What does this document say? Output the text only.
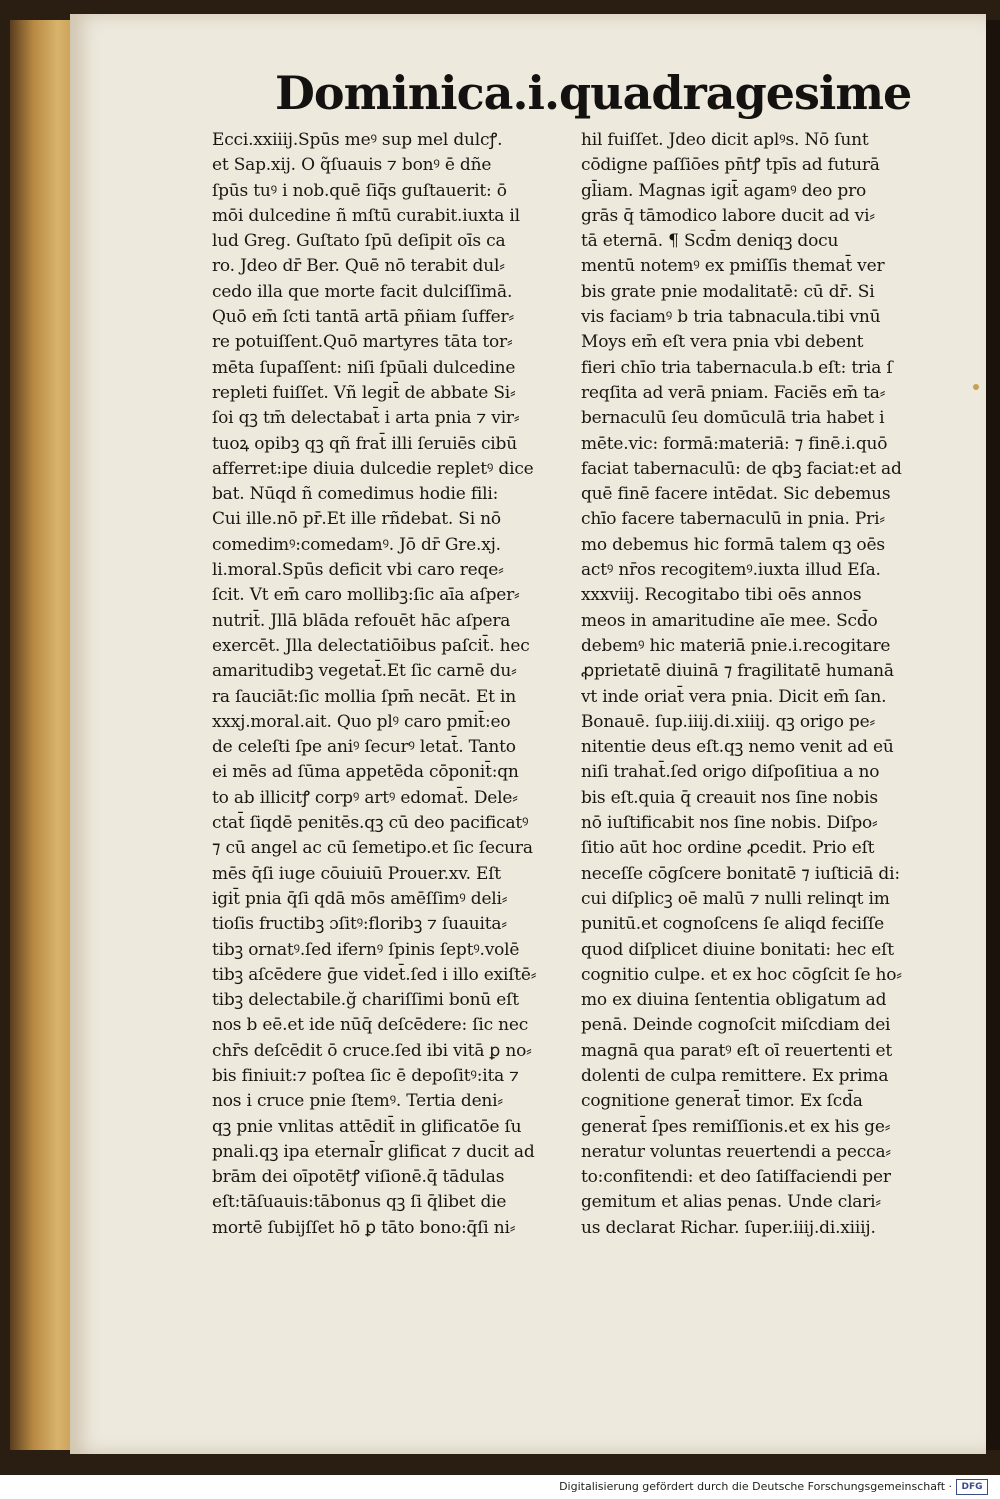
Dominica.i.quadragesime
Ecci.xxiiij.Spūs meꝰ sup mel dulcꝭ.
et Sap.xij. O q̃ſuauis ⁊ bonꝰ ē dñe
ſpūs tuꝰ i nob.quē ſiq̄s guſtauerit: ō
mōi dulcedine ñ mſtū curabit.iuxta il
lud Greg. Guſtato ſpū deſipit oīs ca
ro. Jdeo dr̄ Ber. Quē nō terabit dul⸗
cedo illa que morte facit dulciſſimā.
Quō em̄ ſcti tantā artā pñiam ſuffer⸗
re potuiſſent.Quō martyres tāta tor⸗
mēta ſupaſſent: niſi ſpūali dulcedine
repleti fuiſſet. Vñ legit̄ de abbate Si⸗
ſoi qꝫ tm̄ delectabat̄ i arta pnia ⁊ vir⸗
tuoꝝ opibꝫ qꝫ qñ frat̄ illi ſeruiēs cibū
afferret:ipe diuia dulcedie repletꝰ dice
bat. Nūqd ñ comedimus hodie fili:
Cui ille.nō pr̄.Et ille rñdebat. Si nō
comedimꝰ:comedamꝰ. Jō dr̄ Gre.xj.
li.moral.Spūs deficit vbi caro reqe⸗
ſcit. Vt em̄ caro mollibꝫ:ſic aīa aſper⸗
nutrit̄. Jllā blāda refouēt hāc aſpera
exercēt. Jlla delectatiōibus paſcit̄. hec
amaritudibꝫ vegetat̄.Et ſic carnē du⸗
ra ſauciāt:ſic mollia ſpm̄ necāt. Et in
xxxj.moral.ait. Quo plꝰ caro pmit̄:eo
de celeſti ſpe aniꝰ ſecurꝰ letat̄. Tanto
ei mēs ad ſūma appetēda cōponit̄:qn
to ab illicitꝭ corpꝰ artꝰ edomat̄. Dele⸗
ctat̄ ſiqdē penitēs.qꝫ cū deo pacificatꝰ
⁊ cū angel ac cū ſemetipo.et ſic ſecura
mēs q̄ſi iuge cōuiuiū Prouer.xv. Eſt
igit̄ pnia q̄ſi qdā mōs amēſſimꝰ deli⸗
tioſis fructibꝫ ɔſitꝰ:floribꝫ ⁊ ſuauita⸗
tibꝫ ornatꝰ.ſed ifernꝰ ſpinis ſeptꝰ.volē
tibꝫ aſcēdere ḡue videt̄.ſed i illo exiſtē⸗
tibꝫ delectabile.ğ chariſſimi bonū eſt
nos b eē.et ide nūq̄ deſcēdere: ſic nec
chr̄s deſcēdit ō cruce.ſed ibi vitā ꝑ no⸗
bis finiuit:⁊ poſtea ſic ē depoſitꝰ:ita ⁊
nos i cruce pnie ſtemꝰ. Tertia deni⸗
qꝫ pnie vnlitas attēdit̄ in glificatōe ſu
pnali.qꝫ ipa eternal̄r glificat ⁊ ducit ad
brām dei oīpotētꝭ viſionē.q̄ tādulas
eſt:tāſuauis:tābonus qꝫ ſi q̄libet die
mortē ſubijſſet hō ꝑ tāto bono:q̄ſi ni⸗
hil fuiſſet. Jdeo dicit aplꝰs. Nō ſunt
cōdigne paſſiōes pn̄tꝭ tpīs ad futurā
gl̄iam. Magnas igit̄ agamꝰ deo pro
grās q̄ tāmodico labore ducit ad vi⸗
tā eternā. ¶ Scd̄m deniqꝫ docu
mentū notemꝰ ex pmiſſis themat̄ ver
bis grate pnie modalitatē: cū dr̄. Si
vis faciamꝰ b tria tabnacula.tibi vnū
Moys em̄ eſt vera pnia vbi debent
fieri chīo tria tabernacula.b eſt: tria ſ
reqſita ad verā pniam. Faciēs em̄ ta⸗
bernaculū ſeu domūculā tria habet i
mēte.vic: formā:materiā: ⁊ finē.i.quō
faciat tabernaculū: de qbꝫ faciat:et ad
quē finē facere intēdat. Sic debemus
chīo facere tabernaculū in pnia. Pri⸗
mo debemus hic formā talem qꝫ oēs
actꝰ nr̄os recogitemꝰ.iuxta illud Eſa.
xxxviij. Recogitabo tibi oēs annos
meos in amaritudine aīe mee. Scd̄o
debemꝰ hic materiā pnie.i.recogitare
ꝓprietatē diuinā ⁊ fragilitatē humanā
vt inde oriat̄ vera pnia. Dicit em̄ ſan.
Bonauē. ſup.iiij.di.xiiij. qꝫ origo pe⸗
nitentie deus eſt.qꝫ nemo venit ad eū
niſi trahat̄.ſed origo diſpoſitiua a no
bis eſt.quia q̄ creauit nos ſine nobis
nō iuſtificabit nos ſine nobis. Diſpo⸗
ſitio aūt hoc ordine ꝓcedit. Prio eſt
neceſſe cōgſcere bonitatē ⁊ iuſticiā di:
cui diſplicꝫ oē malū ⁊ nulli relinqt im
punitū.et cognoſcens ſe aliqd feciſſe
quod diſplicet diuine bonitati: hec eſt
cognitio culpe. et ex hoc cōgſcit ſe ho⸗
mo ex diuina ſententia obligatum ad
penā. Deinde cognoſcit miſcdiam dei
magnā qua paratꝰ eſt oī reuertenti et
dolenti de culpa remittere. Ex prima
cognitione generat̄ timor. Ex ſcd̄a
generat̄ ſpes remiſſionis.et ex his ge⸗
neratur voluntas reuertendi a pecca⸗
to:confitendi: et deo ſatiſfaciendi per
gemitum et alias penas. Unde clari⸗
us declarat Richar. ſuper.iiij.di.xiiij.
Digitalisierung gefördert durch die Deutsche Forschungsgemeinschaft ·	DFG
